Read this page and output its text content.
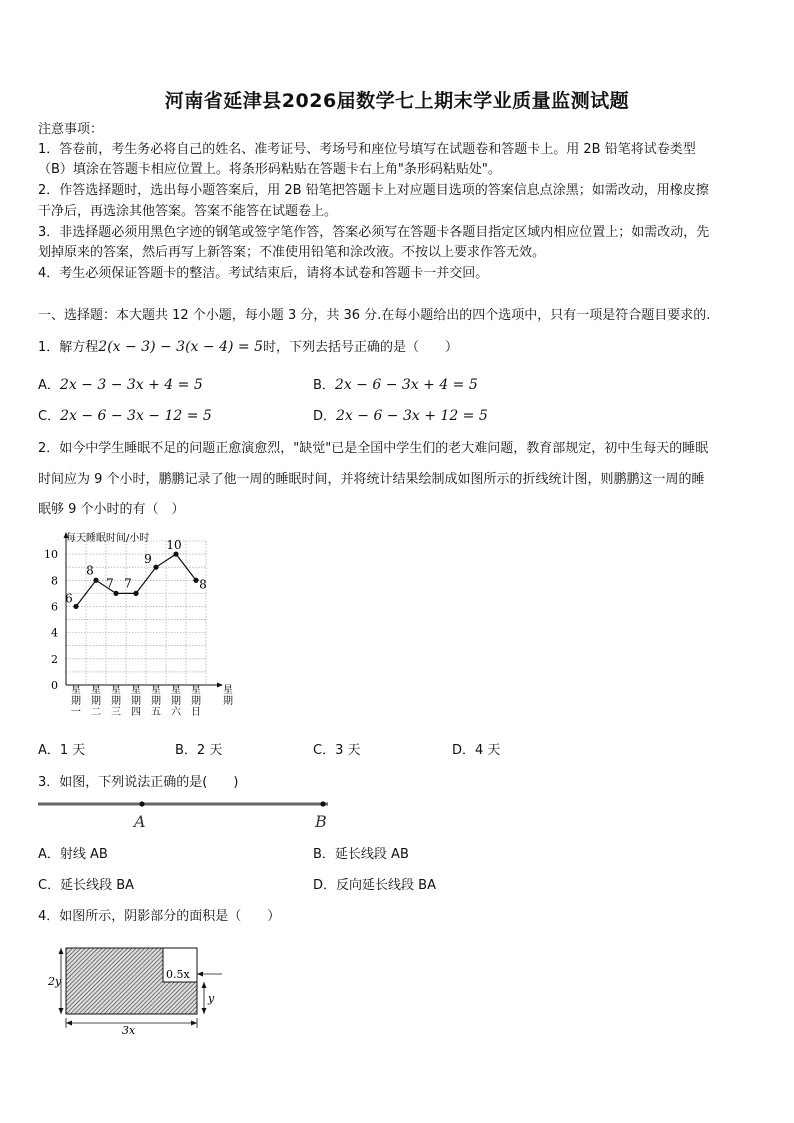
河南省延津县2026届数学七上期末学业质量监测试题
注意事项：
1．答卷前，考生务必将自己的姓名、准考证号、考场号和座位号填写在试题卷和答题卡上。用 2B 铅笔将试卷类型
（B）填涂在答题卡相应位置上。将条形码粘贴在答题卡右上角"条形码粘贴处"。
2．作答选择题时，选出每小题答案后，用 2B 铅笔把答题卡上对应题目选项的答案信息点涂黑；如需改动，用橡皮擦
干净后，再选涂其他答案。答案不能答在试题卷上。
3．非选择题必须用黑色字迹的钢笔或签字笔作答，答案必须写在答题卡各题目指定区域内相应位置上；如需改动，先
划掉原来的答案，然后再写上新答案；不准使用铅笔和涂改液。不按以上要求作答无效。
4．考生必须保证答题卡的整洁。考试结束后，请将本试卷和答题卡一并交回。
一、选择题：本大题共 12 个小题，每小题 3 分，共 36 分.在每小题给出的四个选项中，只有一项是符合题目要求的.
1．解方程2(x − 3) − 3(x − 4) = 5时，下列去括号正确的是（　　）
A．2x − 3 − 3x + 4 = 5	B．2x − 6 − 3x + 4 = 5
C．2x − 6 − 3x − 12 = 5	D．2x − 6 − 3x + 12 = 5
2．如今中学生睡眠不足的问题正愈演愈烈，"缺觉"已是全国中学生们的老大难问题，教育部规定，初中生每天的睡眠
时间应为 9 个小时，鹏鹏记录了他一周的睡眠时间，并将统计结果绘制成如图所示的折线统计图，则鹏鹏这一周的睡
眠够 9 个小时的有（　）
0
2
4
6
8
10
星期一
星期二
星期三
星期四
星期五
星期六
星期日
6
8
7 7
9
10
8
每天睡眠时间/小时
星期
A．1 天	B．2 天	C．3 天	D．4 天
3．如图，下列说法正确的是(　　)
A	B
A．射线 AB	B．延长线段 AB
C．延长线段 BA	D．反向延长线段 BA
4．如图所示，阴影部分的面积是（　　）
2y
0.5x
y
3x
